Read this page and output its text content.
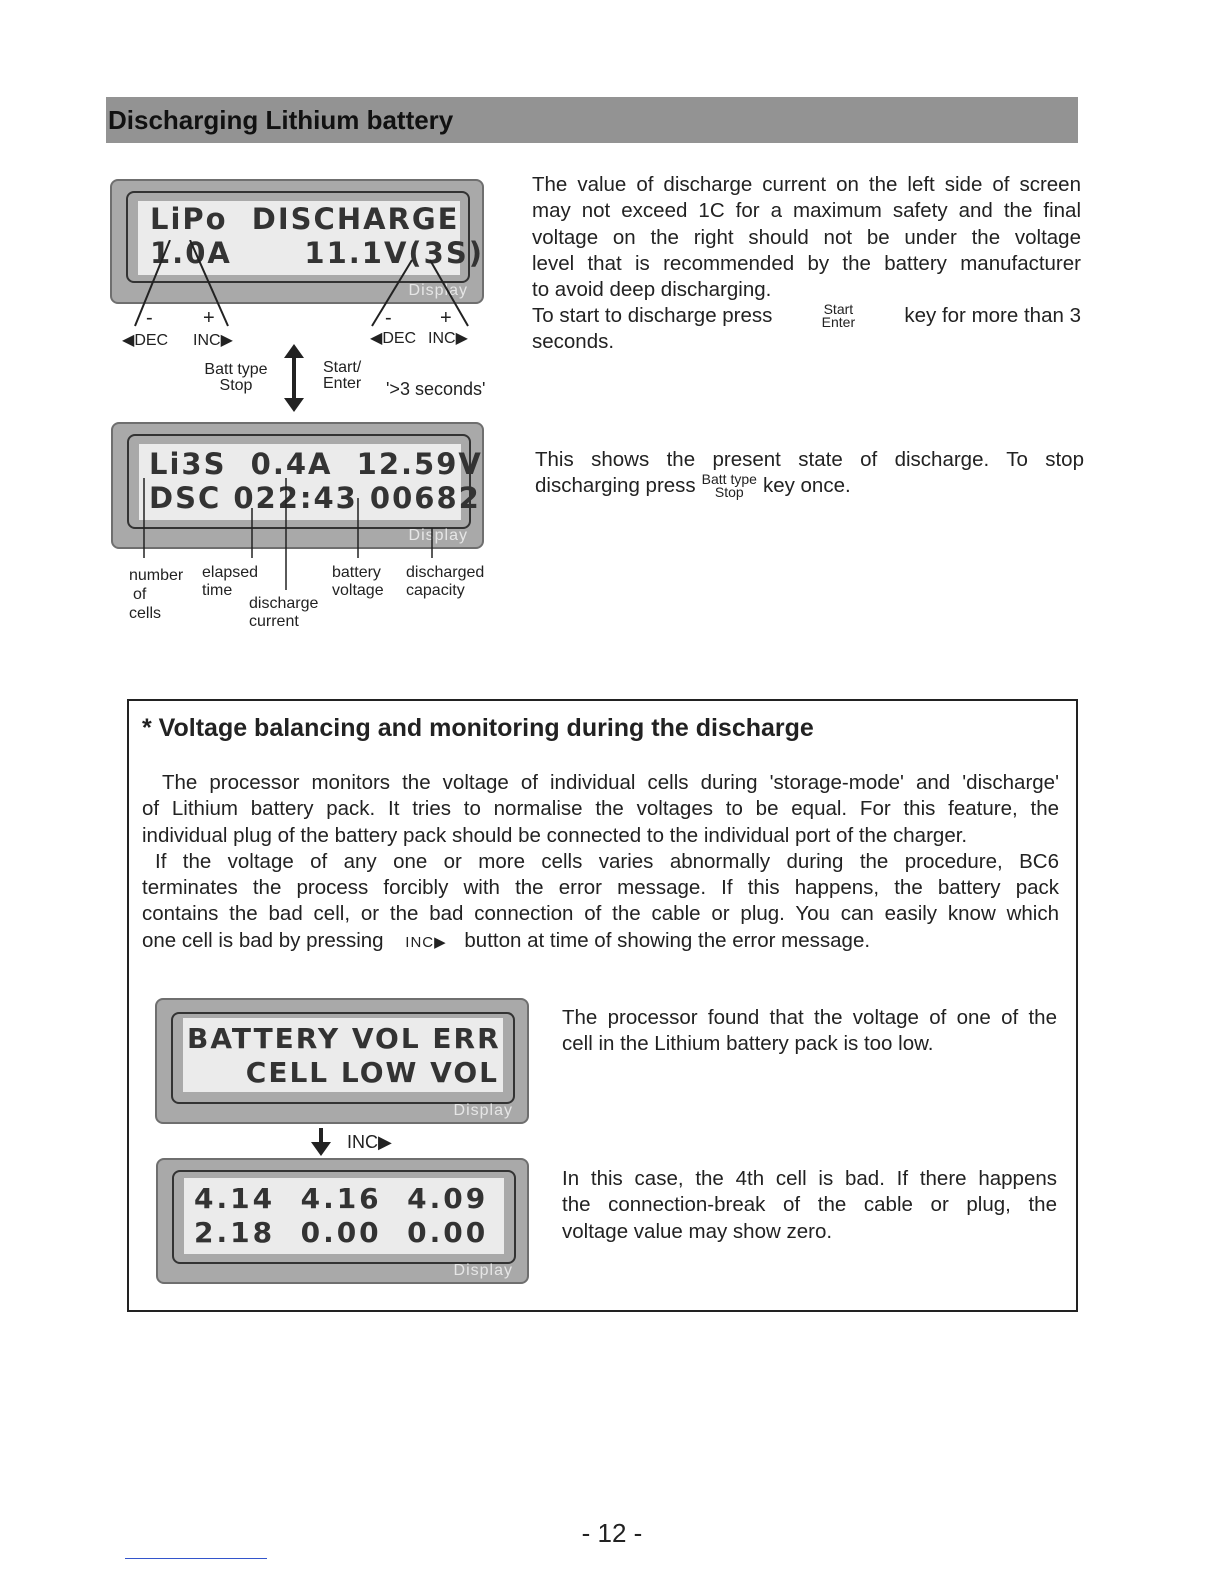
Discharging Lithium battery
LiPo  DISCHARGE
1.0A      11.1V(3S)
Display
-	+	- +
◀DEC INC▶	◀DEC INC▶
Batt type
Stop
Start/
Enter '>3 seconds'
The value of discharge current on the left side of screen
may not exceed 1C for a maximum safety and the final
voltage on the right should not be under the voltage
level that is recommended by the battery manufacturer
to avoid deep discharging.
To start to discharge press	Start
Enter key for more than 3
seconds.
Li3S  0.4A  12.59V
DSC 022:43 00682
Display
number
of
cells
elapsed
time
discharge
current
battery
voltage
discharged
capacity
This shows the present state of discharge. To stop
discharging press Batt type
Stop key once.
* Voltage balancing and monitoring during the discharge
The processor monitors the voltage of individual cells during 'storage-mode' and 'discharge'
of Lithium battery pack. It tries to normalise the voltages to be equal. For this feature, the
individual plug of the battery pack should be connected to the individual port of the charger.
If the voltage of any one or more cells varies abnormally during the procedure, BC6
terminates the process forcibly with the error message. If this happens, the battery pack
contains the bad cell, or the bad connection of the cable or plug. You can easily know which
one cell is bad by pressing INC▶ button at time of showing the error message.
BATTERY VOL ERR
CELL LOW VOL
Display
INC▶
4.14  4.16  4.09
2.18  0.00  0.00
Display
The processor found that the voltage of one of the
cell in the Lithium battery pack is too low.
In this case, the 4th cell is bad. If there happens
the connection-break of the cable or plug, the
voltage value may show zero.
- 12 -
